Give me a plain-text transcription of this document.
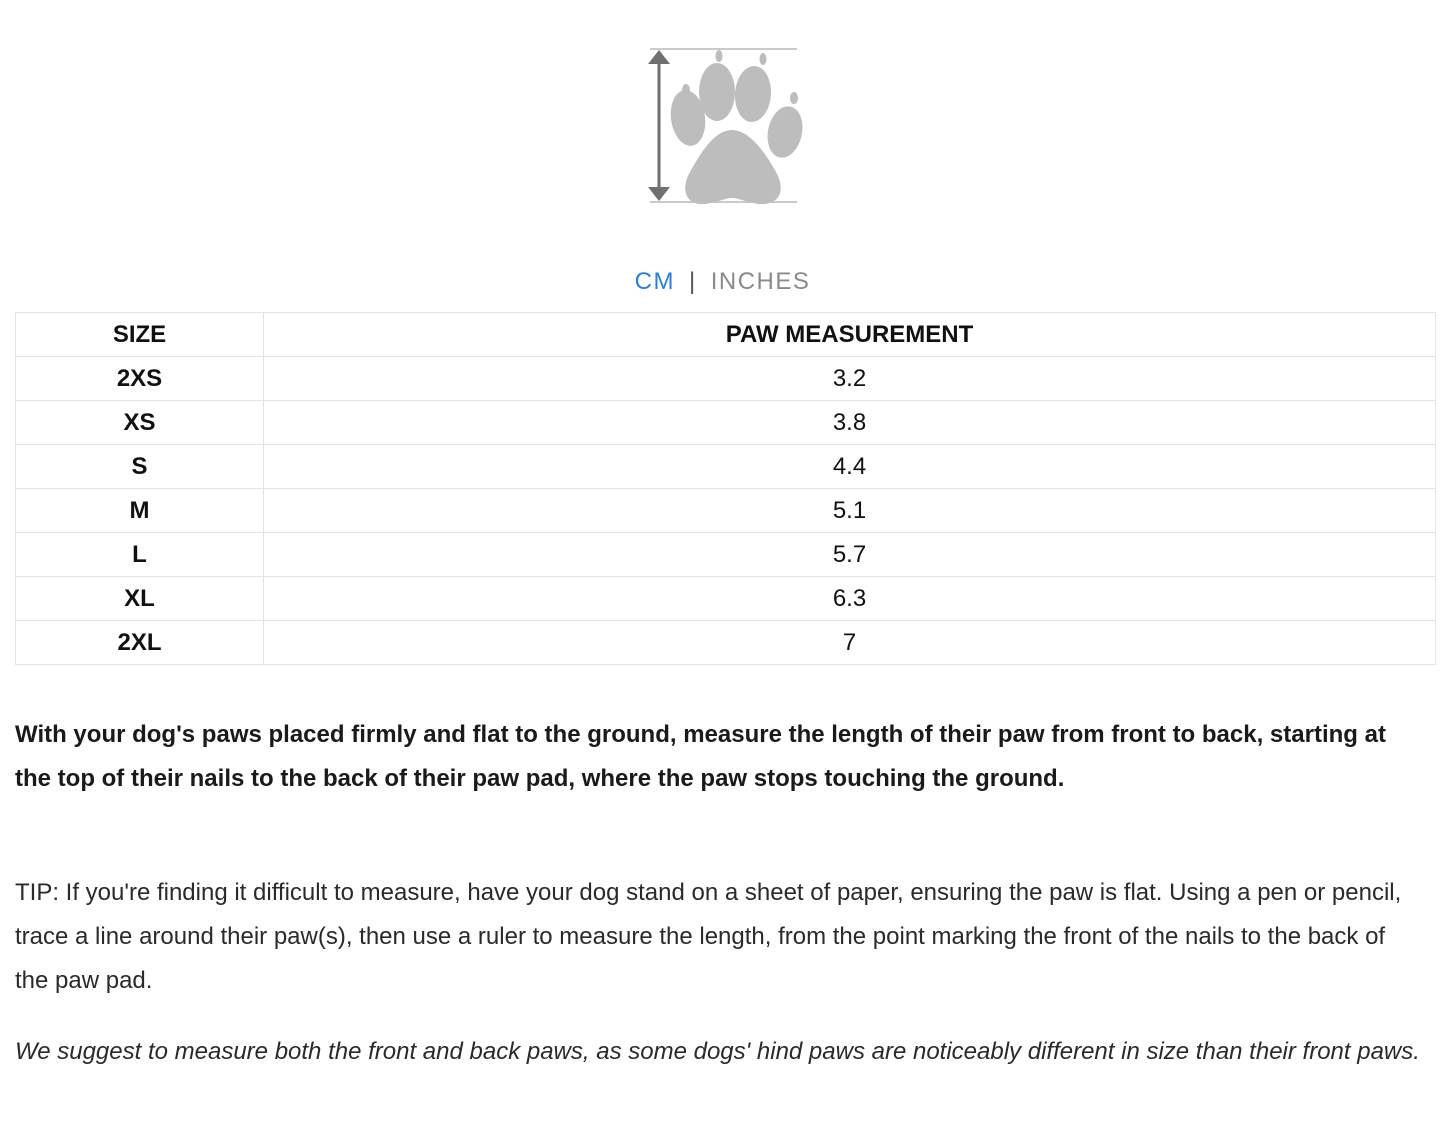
CM | INCHES
SIZE	PAW MEASUREMENT
2XS	3.2
XS	3.8
S	4.4
M	5.1
L	5.7
XL	6.3
2XL	7

With your dog's paws placed firmly and flat to the ground, measure the length of their paw from front to back, starting at the top of their nails to the back of their paw pad, where the paw stops touching the ground.

TIP: If you're finding it difficult to measure, have your dog stand on a sheet of paper, ensuring the paw is flat. Using a pen or pencil, trace a line around their paw(s), then use a ruler to measure the length, from the point marking the front of the nails to the back of the paw pad.

We suggest to measure both the front and back paws, as some dogs' hind paws are noticeably different in size than their front paws.
